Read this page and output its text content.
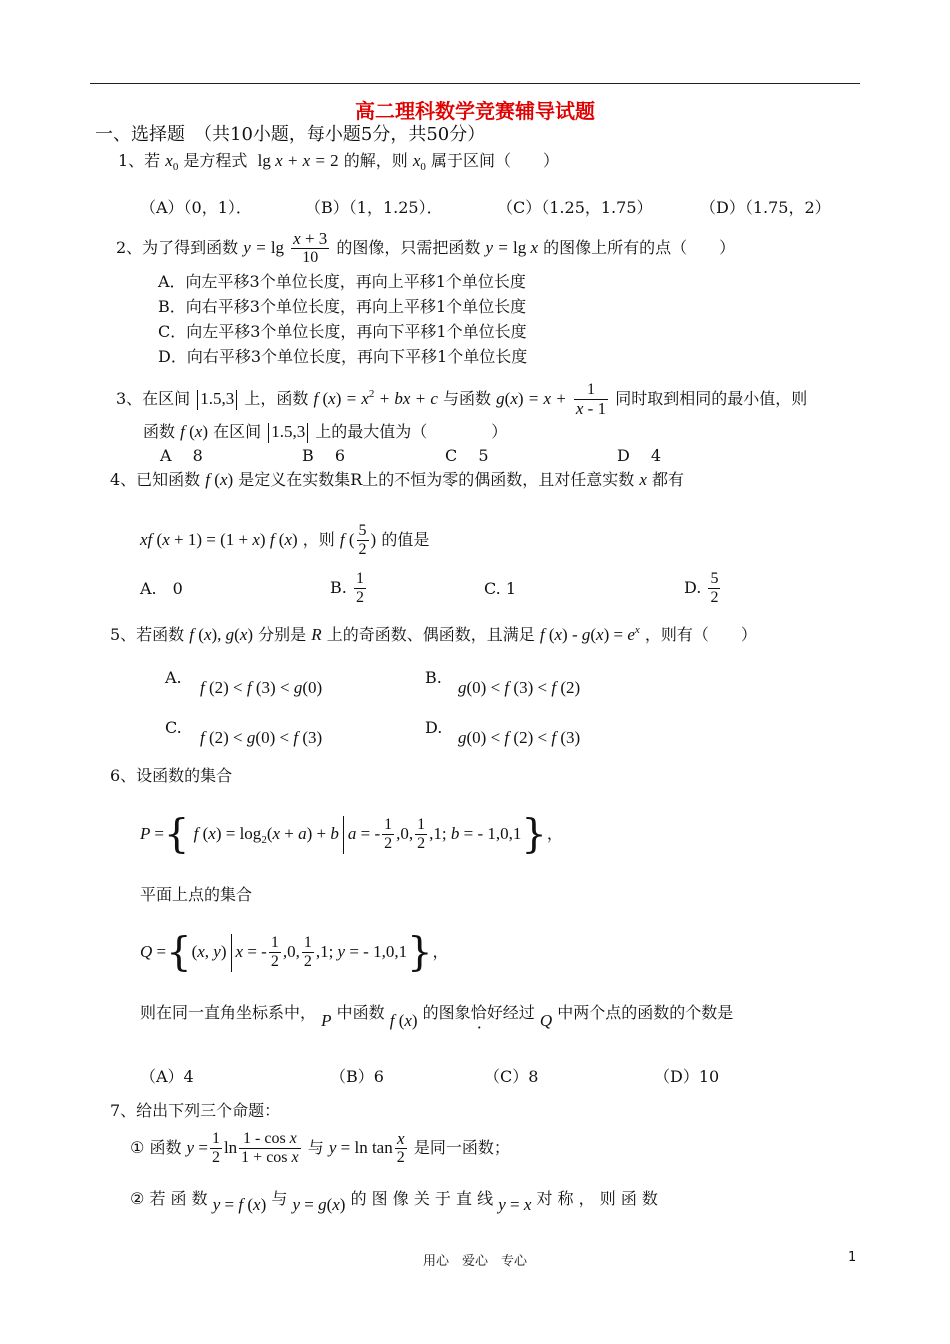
高二理科数学竞赛辅导试题
一、选择题　（共10小题，每小题5分，共50分）
1、若 $x_0$ 是方程式 lg x + x = 2 的解，则 $x_0$ 属于区间（　　）
（A）（0，1）．	（B）（1，1.25）．	（C）（1.25，1.75）	（D）（1.75，2）
2、为了得到函数 $y = \lg \frac{x + 3}{10}$ 的图像，只需把函数 y = lg x 的图像上所有的点（　　）
A．向左平移3个单位长度，再向上平移1个单位长度
B．向右平移3个单位长度，再向上平移1个单位长度
C．向左平移3个单位长度，再向下平移1个单位长度
D．向右平移3个单位长度，再向下平移1个单位长度
3、在区间 1.5,3 上，函数 f $(x) = x^2$ + bx + c 与函数 $g(x) = x + \frac{1}{x - 1}$ 同时取到相同的最小值，则
函数 f (x) 在区间 1.5,3 上的最大值为（　　　　）
A　 8	B　 6	C　 5	D　 4
4、已知函数 f (x) 是定义在实数集R上的不恒为零的偶函数，且对任意实数 x 都有
xf (x + 1) = (1 + x) f (x) ，则 f ( $\frac{5}{2}$ ) 的值是
A.　0	B. $\frac{1}{2}$	C. 1	D. $\frac{5}{2}$
5、若函数 f (x), g(x) 分别是 R 上的奇函数、偶函数，且满足 f $(x) - g(x) = e^x$ ，则有（　　）
A.
f (2) < f (3) < g(0)
B.
g(0) < f (3) < f (2)
C.
f (2) < g(0) < f (3)
D.
g(0) < f (2) < f (3)
6、设函数的集合
P ={ f $(x) = \log_2(x + a) + b$ a = - $\frac{1}{2} ,0$, $\frac{1}{2} ,1$; b = - 1,0,1}，
平面上点的集合
Q ={(x, y) x = - $\frac{1}{2} ,0$, $\frac{1}{2} ,1$; y = - 1,0,1}，
则在同一直角坐标系中， P 中函数 f (x) 的图象恰好经过 Q 中两个点的函数的个数是
（A）4	（B）6	（C）8	（D）10
7、给出下列三个命题：
① 函数 $y = \frac{1}{2}$ $\ln \frac{\text{1 - cos x}}{\text{1 + cos x}}$ 与 $y = \ln \tan \frac{x}{2}$ 是同一函数；
② 若 函 数 y = f (x) 与 y = g(x) 的 图 像 关 于 直 线 y = x 对 称 ， 则 函 数
用心　爱心　专心	1
